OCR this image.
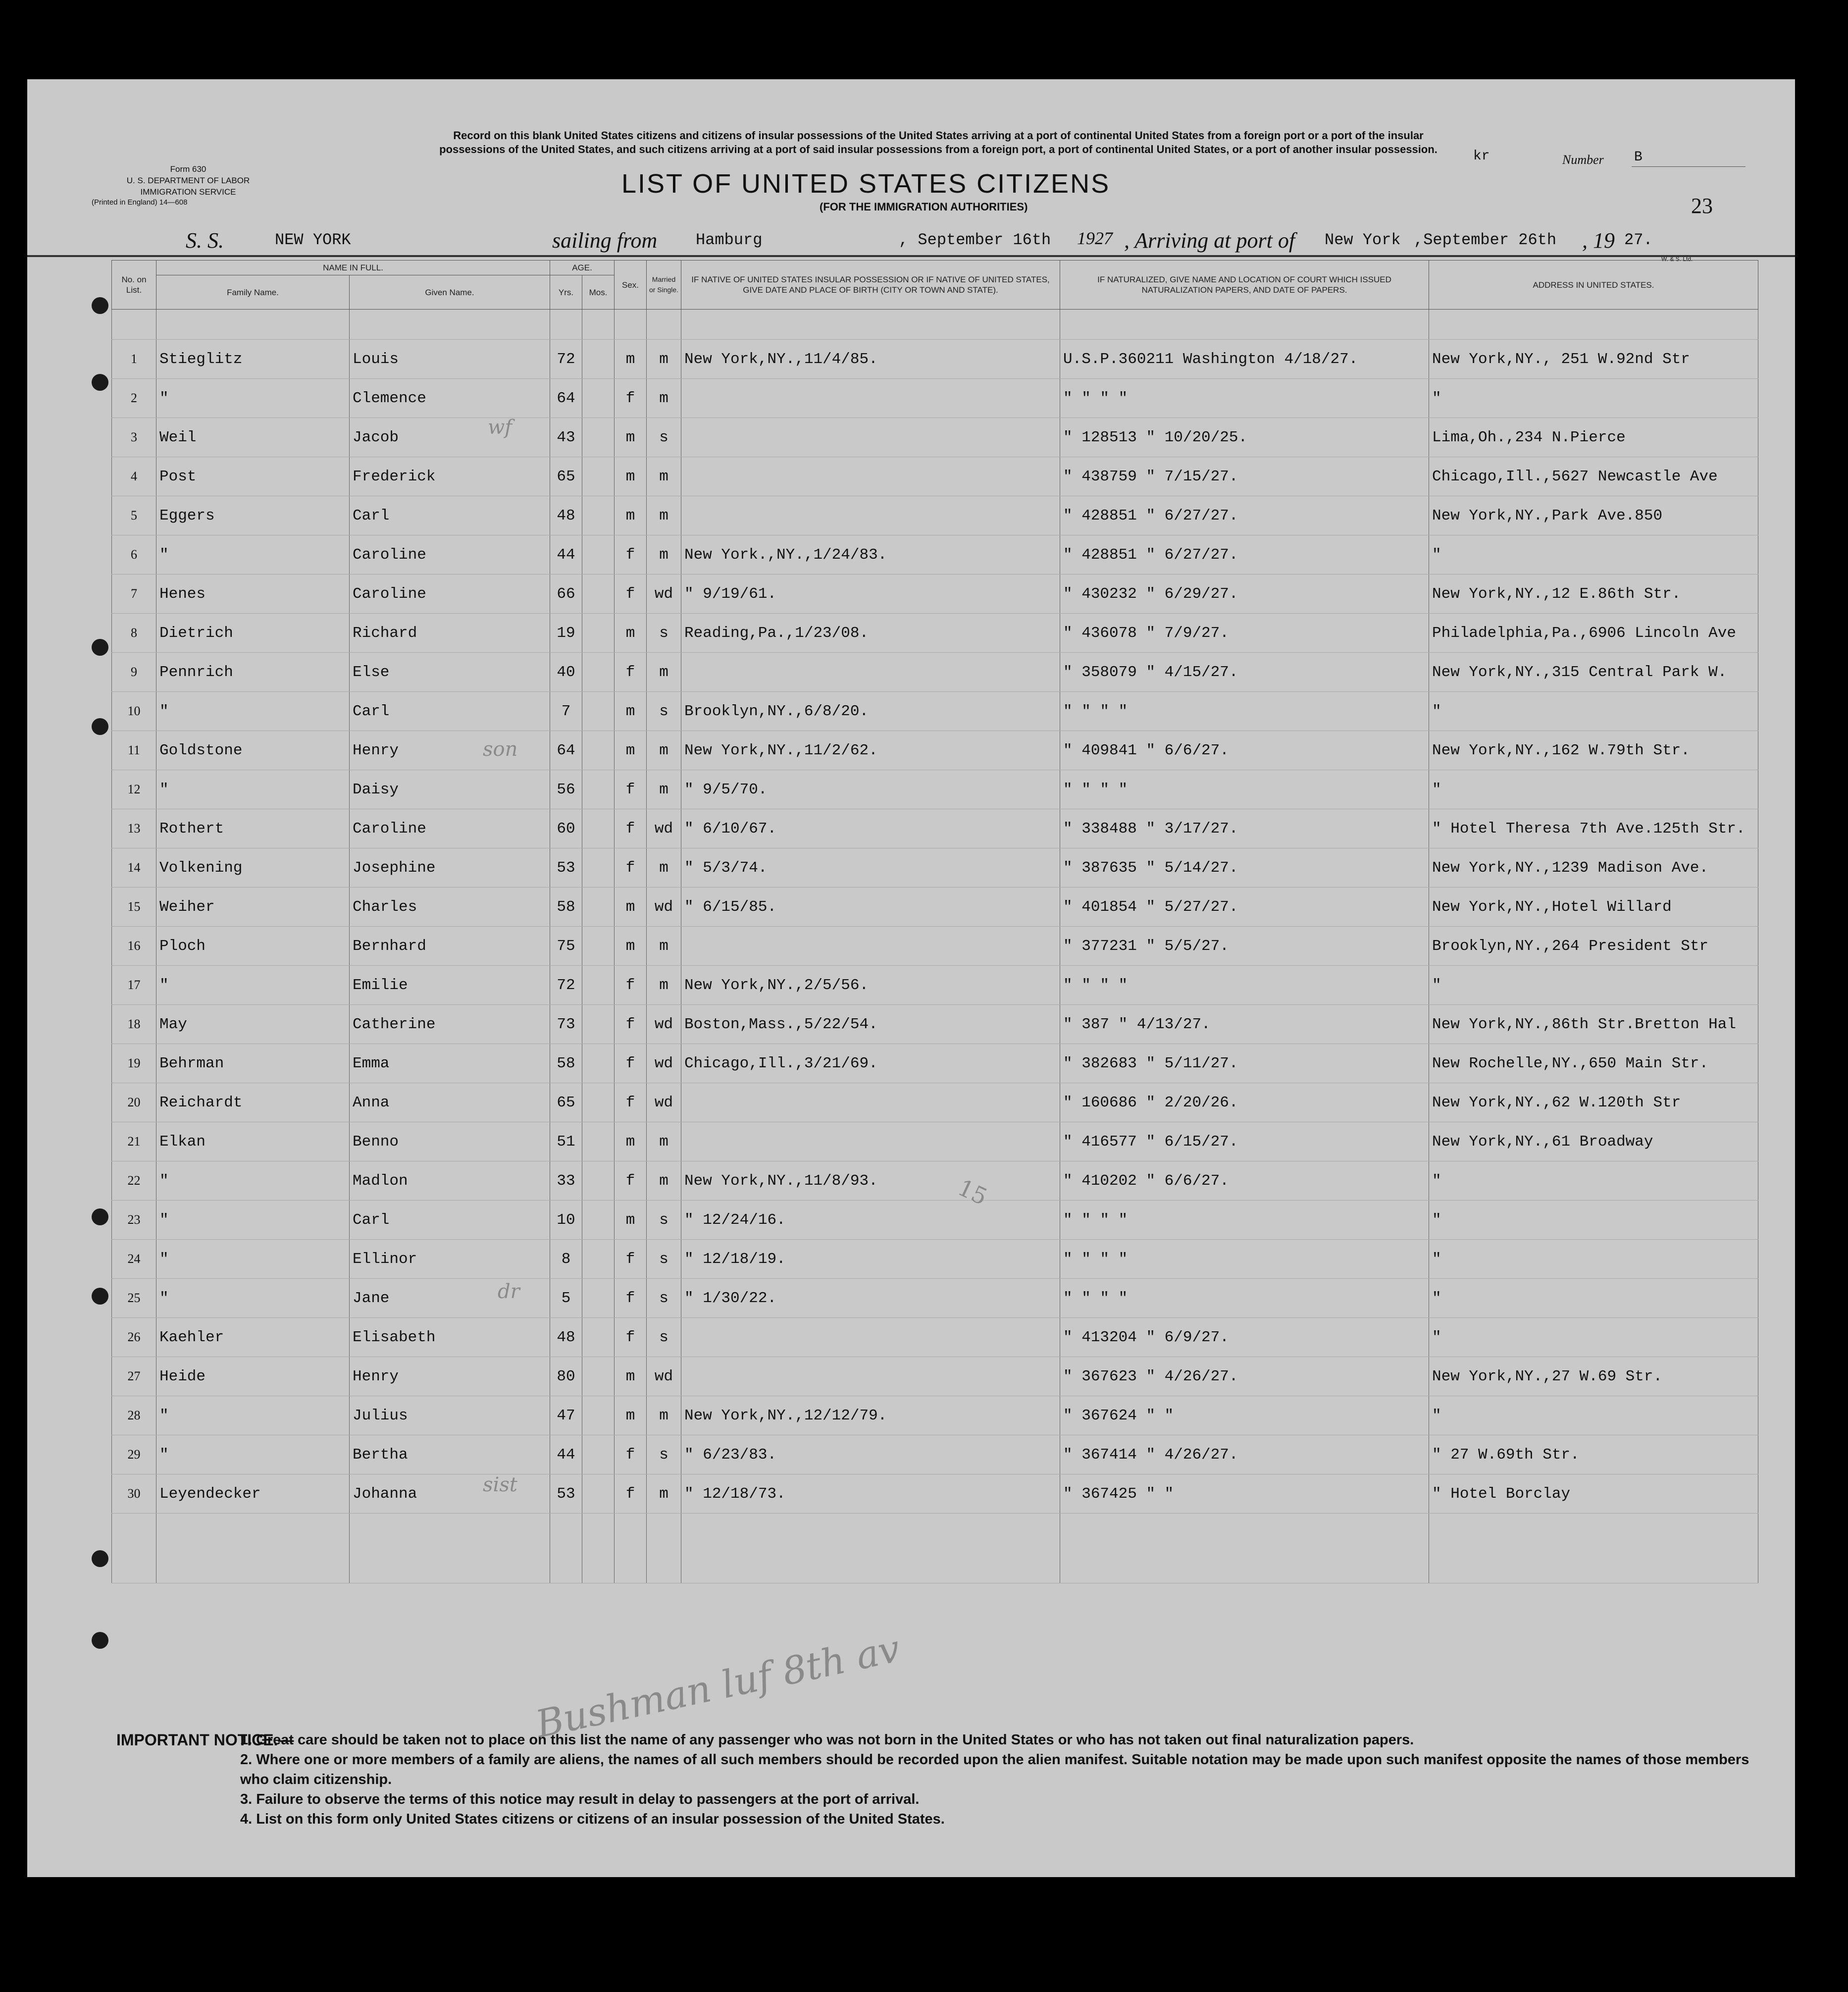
Form 630
U. S. DEPARTMENT OF LABOR
IMMIGRATION SERVICE
(Printed in England) 14—608
Record on this blank United States citizens and citizens of insular possessions of the United States arriving at a port of continental United States from a foreign port or a port of the insular possessions of the United States, and such citizens arriving at a port of said insular possessions from a foreign port, a port of continental United States, or a port of another insular possession.
LIST OF UNITED STATES CITIZENS
(FOR THE IMMIGRATION AUTHORITIES)
kr	Number B
23
S. S.	NEW YORK	sailing from Hamburg	, September 16th 1927 , Arriving at port of New York ,September 26th , 19 27.
W. & S. Ltd.
No. on List.	NAME IN FULL.		AGE.		Sex.	Married or Single.	IF NATIVE OF UNITED STATES INSULAR POSSESSION OR IF NATIVE OF UNITED STATES, GIVE DATE AND PLACE OF BIRTH (CITY OR TOWN AND STATE).	IF NATURALIZED, GIVE NAME AND LOCATION OF COURT WHICH ISSUED NATURALIZATION PAPERS, AND DATE OF PAPERS.	ADDRESS IN UNITED STATES.
	Family Name.	Given Name.	Yrs.	Mos.					

1	Stieglitz	Louis	72		m	m	New York,NY.,11/4/85.	U.S.P.360211 Washington 4/18/27.	New York,NY., 251 W.92nd Str
2	"	Clemence	64		f	m		" " " "	"
3	Weil	Jacob	43		m	s		" 128513 " 10/20/25.	Lima,Oh.,234 N.Pierce
4	Post	Frederick	65		m	m		" 438759 " 7/15/27.	Chicago,Ill.,5627 Newcastle Ave
5	Eggers	Carl	48		m	m		" 428851 " 6/27/27.	New York,NY.,Park Ave.850
6	"	Caroline	44		f	m	New York.,NY.,1/24/83.	" 428851 " 6/27/27.	"
7	Henes	Caroline	66		f	wd	" 9/19/61.	" 430232 " 6/29/27.	New York,NY.,12 E.86th Str.
8	Dietrich	Richard	19		m	s	Reading,Pa.,1/23/08.	" 436078 " 7/9/27.	Philadelphia,Pa.,6906 Lincoln Ave
9	Pennrich	Else	40		f	m		" 358079 " 4/15/27.	New York,NY.,315 Central Park W.
10	"	Carl	7		m	s	Brooklyn,NY.,6/8/20.	" " " "	"
11	Goldstone	Henry	64		m	m	New York,NY.,11/2/62.	" 409841 " 6/6/27.	New York,NY.,162 W.79th Str.
12	"	Daisy	56		f	m	" 9/5/70.	" " " "	"
13	Rothert	Caroline	60		f	wd	" 6/10/67.	" 338488 " 3/17/27.	" Hotel Theresa 7th Ave.125th Str.
14	Volkening	Josephine	53		f	m	" 5/3/74.	" 387635 " 5/14/27.	New York,NY.,1239 Madison Ave.
15	Weiher	Charles	58		m	wd	" 6/15/85.	" 401854 " 5/27/27.	New York,NY.,Hotel Willard
16	Ploch	Bernhard	75		m	m		" 377231 " 5/5/27.	Brooklyn,NY.,264 President Str
17	"	Emilie	72		f	m	New York,NY.,2/5/56.	" " " "	"
18	May	Catherine	73		f	wd	Boston,Mass.,5/22/54.	" 387 " 4/13/27.	New York,NY.,86th Str.Bretton Hal
19	Behrman	Emma	58		f	wd	Chicago,Ill.,3/21/69.	" 382683 " 5/11/27.	New Rochelle,NY.,650 Main Str.
20	Reichardt	Anna	65		f	wd		" 160686 " 2/20/26.	New York,NY.,62 W.120th Str
21	Elkan	Benno	51		m	m		" 416577 " 6/15/27.	New York,NY.,61 Broadway
22	"	Madlon	33		f	m	New York,NY.,11/8/93.	" 410202 " 6/6/27.	"
23	"	Carl	10		m	s	" 12/24/16.	" " " "	"
24	"	Ellinor	8		f	s	" 12/18/19.	" " " "	"
25	"	Jane	5		f	s	" 1/30/22.	" " " "	"
26	Kaehler	Elisabeth	48		f	s		" 413204 " 6/9/27.	"
27	Heide	Henry	80		m	wd		" 367623 " 4/26/27.	New York,NY.,27 W.69 Str.
28	"	Julius	47		m	m	New York,NY.,12/12/79.	" 367624 " "	"
29	"	Bertha	44		f	s	" 6/23/83.	" 367414 " 4/26/27.	" 27 W.69th Str.
30	Leyendecker	Johanna	53		f	m	" 12/18/73.	" 367425 " "	" Hotel Borclay

15
wf
son
dr
sist
Bushman luf 8th av
IMPORTANT NOTICE.—
1. Great care should be taken not to place on this list the name of any passenger who was not born in the United States or who has not taken out final naturalization papers.
2. Where one or more members of a family are aliens, the names of all such members should be recorded upon the alien manifest. Suitable notation may be made upon such manifest opposite the names of those members who claim citizenship.
3. Failure to observe the terms of this notice may result in delay to passengers at the port of arrival.
4. List on this form only United States citizens or citizens of an insular possession of the United States.
